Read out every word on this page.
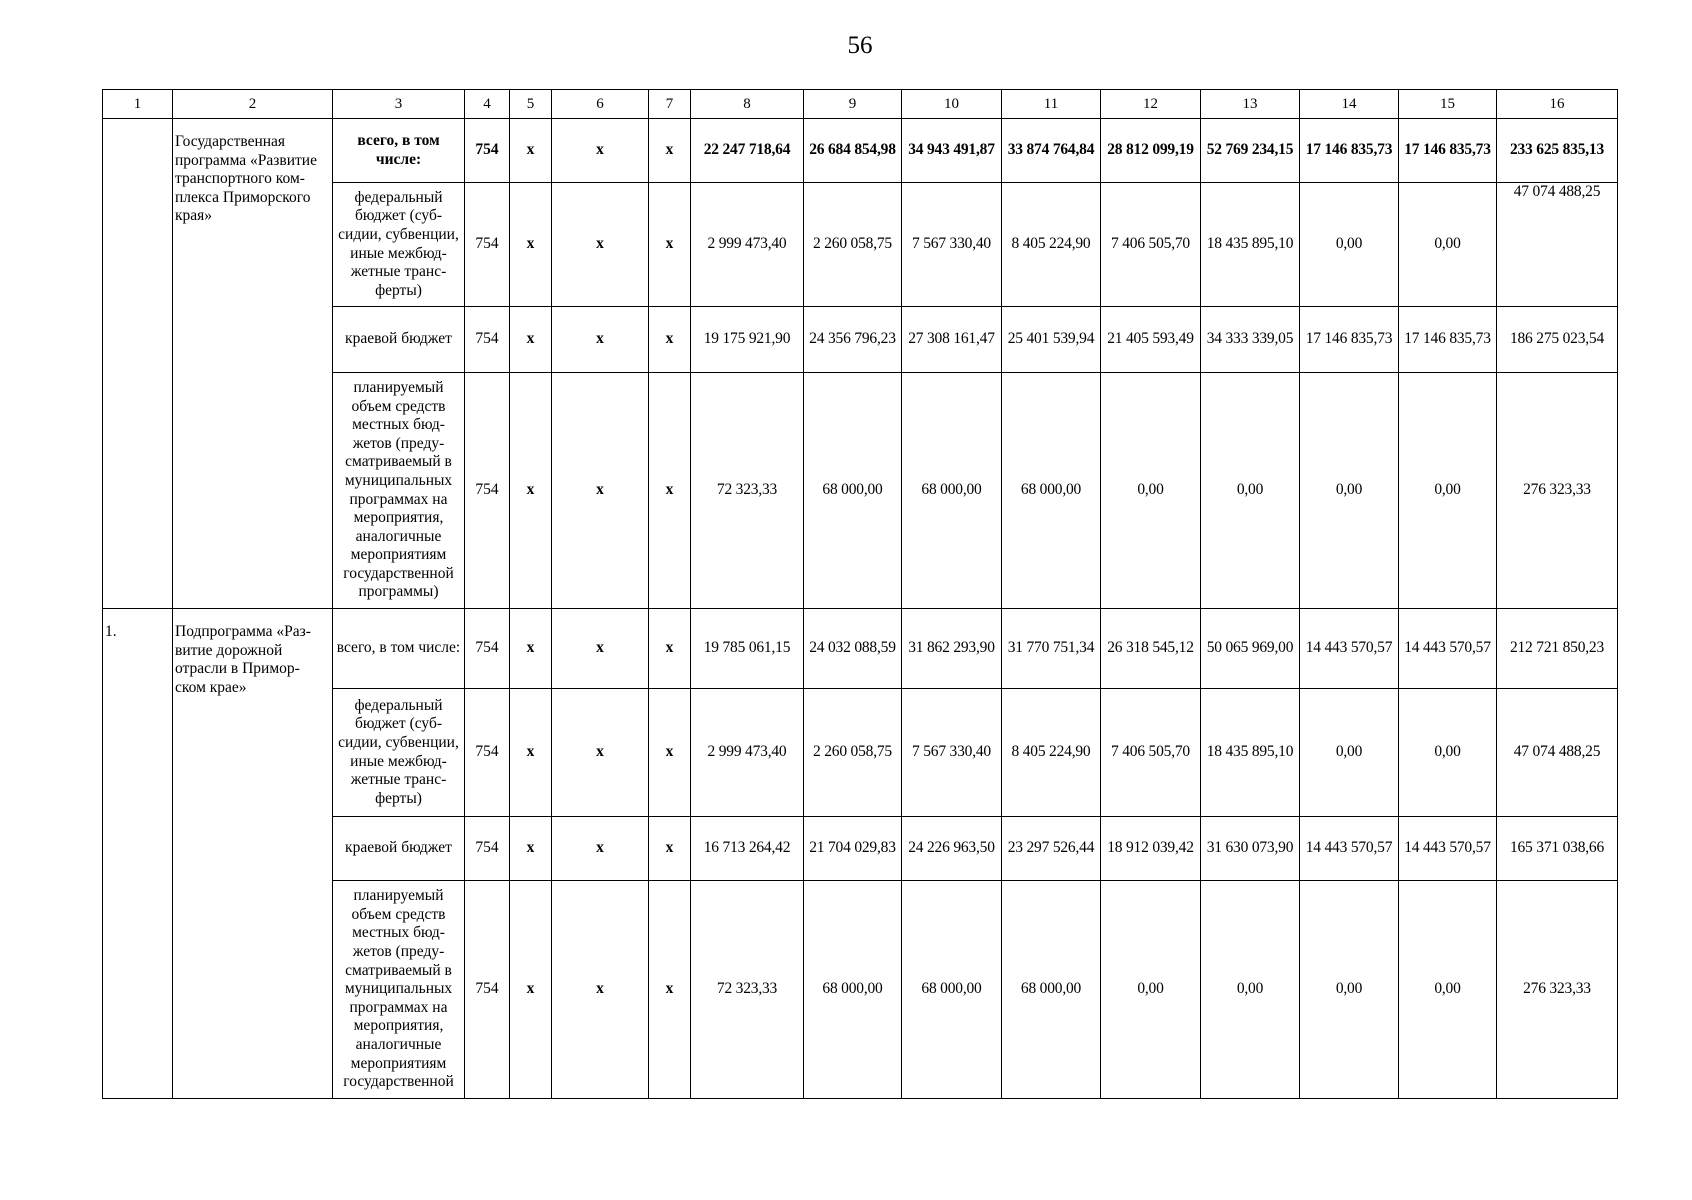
56
1	2	3	4	5	6	7	8	9	10	11	12	13	14	15	16
	Государственная программа «Развитие транспортного ком-плекса Приморского края»	всего, в том числе:	754	x	x	x	22 247 718,64	26 684 854,98	34 943 491,87	33 874 764,84	28 812 099,19	52 769 234,15	17 146 835,73	17 146 835,73	233 625 835,13
		федеральный бюджет (суб-сидии, субвенции, иные межбюд-жетные транс-ферты)	754	x	x	x	2 999 473,40	2 260 058,75	7 567 330,40	8 405 224,90	7 406 505,70	18 435 895,10	0,00	0,00	47 074 488,25
		краевой бюджет	754	x	x	x	19 175 921,90	24 356 796,23	27 308 161,47	25 401 539,94	21 405 593,49	34 333 339,05	17 146 835,73	17 146 835,73	186 275 023,54
		планируемый объем средств местных бюд-жетов (преду-сматриваемый в муниципальных программах на мероприятия, аналогичные мероприятиям государственной программы)	754	x	x	x	72 323,33	68 000,00	68 000,00	68 000,00	0,00	0,00	0,00	0,00	276 323,33
1.	Подпрограмма «Раз-витие дорожной отрасли в Примор-ском крае»	всего, в том числе:	754	x	x	x	19 785 061,15	24 032 088,59	31 862 293,90	31 770 751,34	26 318 545,12	50 065 969,00	14 443 570,57	14 443 570,57	212 721 850,23
		федеральный бюджет (суб-сидии, субвенции, иные межбюд-жетные транс-ферты)	754	x	x	x	2 999 473,40	2 260 058,75	7 567 330,40	8 405 224,90	7 406 505,70	18 435 895,10	0,00	0,00	47 074 488,25
		краевой бюджет	754	x	x	x	16 713 264,42	21 704 029,83	24 226 963,50	23 297 526,44	18 912 039,42	31 630 073,90	14 443 570,57	14 443 570,57	165 371 038,66
		планируемый объем средств местных бюд-жетов (преду-сматриваемый в муниципальных программах на мероприятия, аналогичные мероприятиям государственной	754	x	x	x	72 323,33	68 000,00	68 000,00	68 000,00	0,00	0,00	0,00	0,00	276 323,33
